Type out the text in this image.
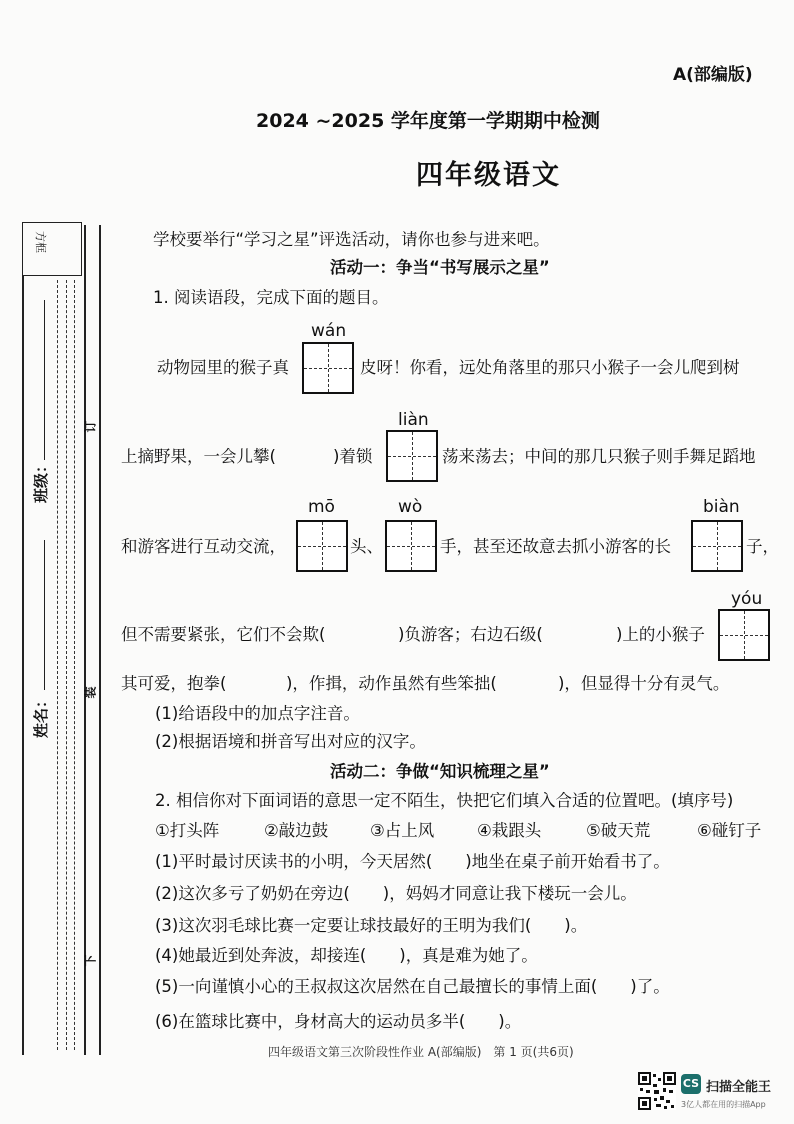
方框
班级：
姓名：
订
装
下
A(部编版)
2024 ~2025 学年度第一学期期中检测
四年级语文
学校要举行“学习之星”评选活动，请你也参与进来吧。
活动一：争当“书写展示之星”
1. 阅读语段，完成下面的题目。
wán
动物园里的猴子真	皮呀！你看，远处角落里的那只小猴子一会儿爬到树
liàn
上摘野果，一会儿攀(	)着锁	荡来荡去；中间的那几只猴子则手舞足蹈地
mō	wò	biàn
和游客进行互动交流，	头、	手，甚至还故意去抓小游客的长	子，
yóu
但不需要紧张，它们不会欺(	)负游客；右边石级(	)上的小猴子
其可爱，抱拳(	)，作揖，动作虽然有些笨拙(	)，但显得十分有灵气。
(1)给语段中的加点字注音。
(2)根据语境和拼音写出对应的汉字。
活动二：争做“知识梳理之星”
2. 相信你对下面词语的意思一定不陌生，快把它们填入合适的位置吧。(填序号)
①打头阵	②敲边鼓	③占上风	④栽跟头	⑤破天荒	⑥碰钉子
(1)平时最讨厌读书的小明，今天居然(　　)地坐在桌子前开始看书了。
(2)这次多亏了奶奶在旁边(　　)，妈妈才同意让我下楼玩一会儿。
(3)这次羽毛球比赛一定要让球技最好的王明为我们(　　)。
(4)她最近到处奔波，却接连(　　)，真是难为她了。
(5)一向谨慎小心的王叔叔这次居然在自己最擅长的事情上面(　　)了。
(6)在篮球比赛中，身材高大的运动员多半(　　)。
四年级语文第三次阶段性作业 A(部编版)　第 1 页(共6页)
CS 扫描全能王
3亿人都在用的扫描App
